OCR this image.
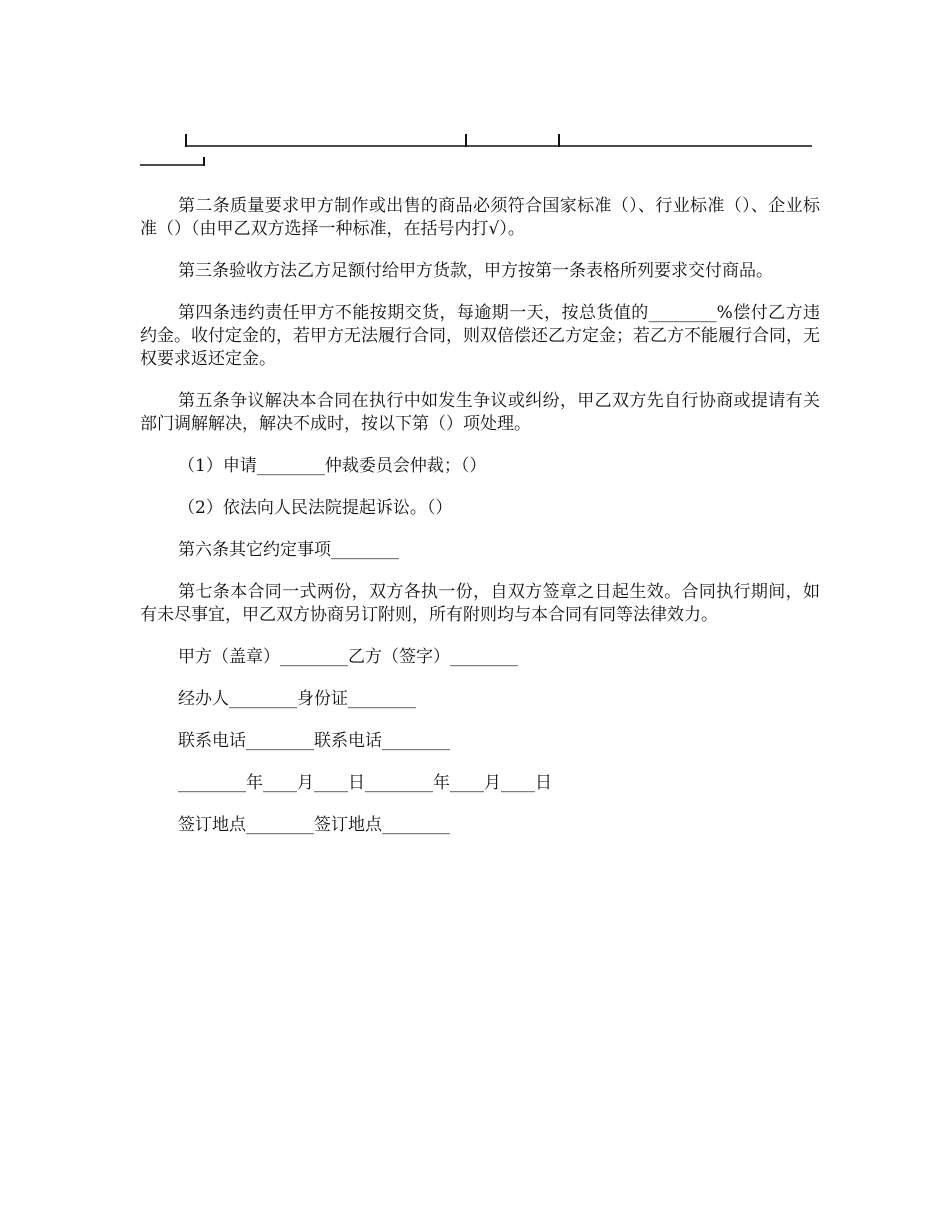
第二条质量要求甲方制作或出售的商品必须符合国家标准（）、行业标准（）、企业标准（）（由甲乙双方选择一种标准，在括号内打√）。

第三条验收方法乙方足额付给甲方货款，甲方按第一条表格所列要求交付商品。

第四条违约责任甲方不能按期交货，每逾期一天，按总货值的________%偿付乙方违约金。收付定金的，若甲方无法履行合同，则双倍偿还乙方定金；若乙方不能履行合同，无权要求返还定金。

第五条争议解决本合同在执行中如发生争议或纠纷，甲乙双方先自行协商或提请有关部门调解解决，解决不成时，按以下第（）项处理。

（1）申请________仲裁委员会仲裁；（）

（2）依法向人民法院提起诉讼。（）

第六条其它约定事项________

第七条本合同一式两份，双方各执一份，自双方签章之日起生效。合同执行期间，如有未尽事宜，甲乙双方协商另订附则，所有附则均与本合同有同等法律效力。

甲方（盖章）________乙方（签字）________

经办人________身份证________

联系电话________联系电话________

________年____月____日________年____月____日

签订地点________签订地点________
